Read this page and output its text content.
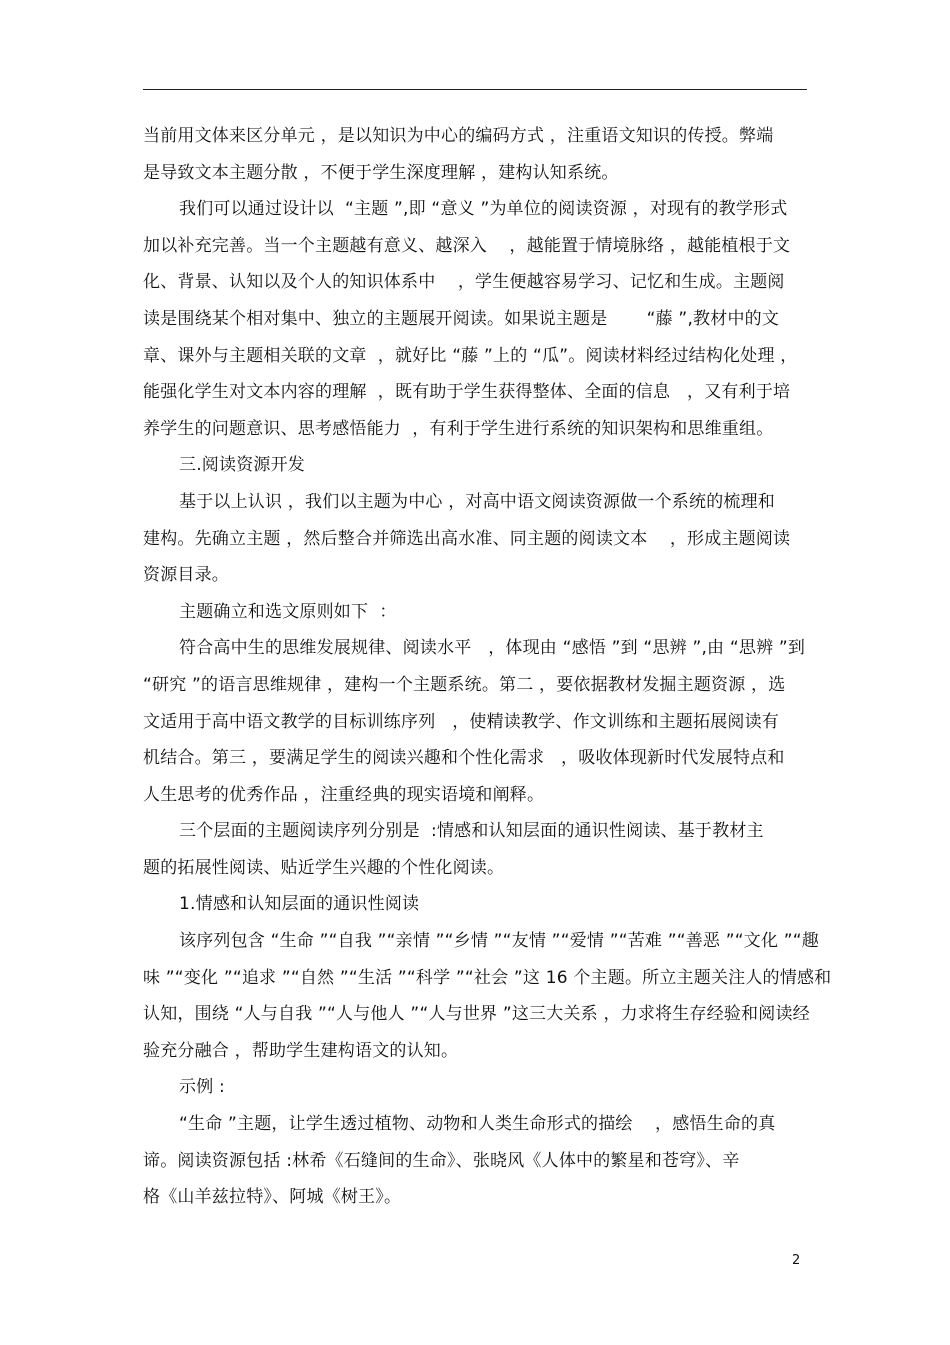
当前用文体来区分单元 ，是以知识为中心的编码方式 ，注重语文知识的传授。弊端
是导致文本主题分散 ，不便于学生深度理解 ，建构认知系统。
我们可以通过设计以  “主题 ”,即 “意义 ”为单位的阅读资源 ，对现有的教学形式
加以补充完善。当一个主题越有意义、越深入    ，越能置于情境脉络 ，越能植根于文
化、背景、认知以及个人的知识体系中    ，学生便越容易学习、记忆和生成。主题阅
读是围绕某个相对集中、独立的主题展开阅读。如果说主题是       “藤 ”,教材中的文
章、课外与主题相关联的文章  ，就好比 “藤 ”上的 “瓜”。阅读材料经过结构化处理 ，
能强化学生对文本内容的理解  ，既有助于学生获得整体、全面的信息   ，又有利于培
养学生的问题意识、思考感悟能力  ，有利于学生进行系统的知识架构和思维重组。
三.阅读资源开发
基于以上认识 ，我们以主题为中心 ，对高中语文阅读资源做一个系统的梳理和
建构。先确立主题 ，然后整合并筛选出高水准、同主题的阅读文本    ，形成主题阅读
资源目录。
主题确立和选文原则如下  ：
符合高中生的思维发展规律、阅读水平   ，体现由 “感悟 ”到 “思辨 ”,由 “思辨 ”到
“研究 ”的语言思维规律 ，建构一个主题系统。第二 ，要依据教材发掘主题资源 ，选
文适用于高中语文教学的目标训练序列   ，使精读教学、作文训练和主题拓展阅读有
机结合。第三 ，要满足学生的阅读兴趣和个性化需求   ，吸收体现新时代发展特点和
人生思考的优秀作品 ，注重经典的现实语境和阐释。
三个层面的主题阅读序列分别是  :情感和认知层面的通识性阅读、基于教材主
题的拓展性阅读、贴近学生兴趣的个性化阅读。
1.情感和认知层面的通识性阅读
该序列包含 “生命 ”“自我 ”“亲情 ”“乡情 ”“友情 ”“爱情 ”“苦难 ”“善恶 ”“文化 ”“趣
味 ”“变化 ”“追求 ”“自然 ”“生活 ”“科学 ”“社会 ”这 16 个主题。所立主题关注人的情感和
认知，围绕 “人与自我 ”“人与他人 ”“人与世界 ”这三大关系 ，力求将生存经验和阅读经
验充分融合 ，帮助学生建构语文的认知。
示例 :
“生命 ”主题，让学生透过植物、动物和人类生命形式的描绘    ，感悟生命的真
谛。阅读资源包括 :林希《石缝间的生命》、张晓风《人体中的繁星和苍穹》、辛
格《山羊兹拉特》、阿城《树王》。
2
